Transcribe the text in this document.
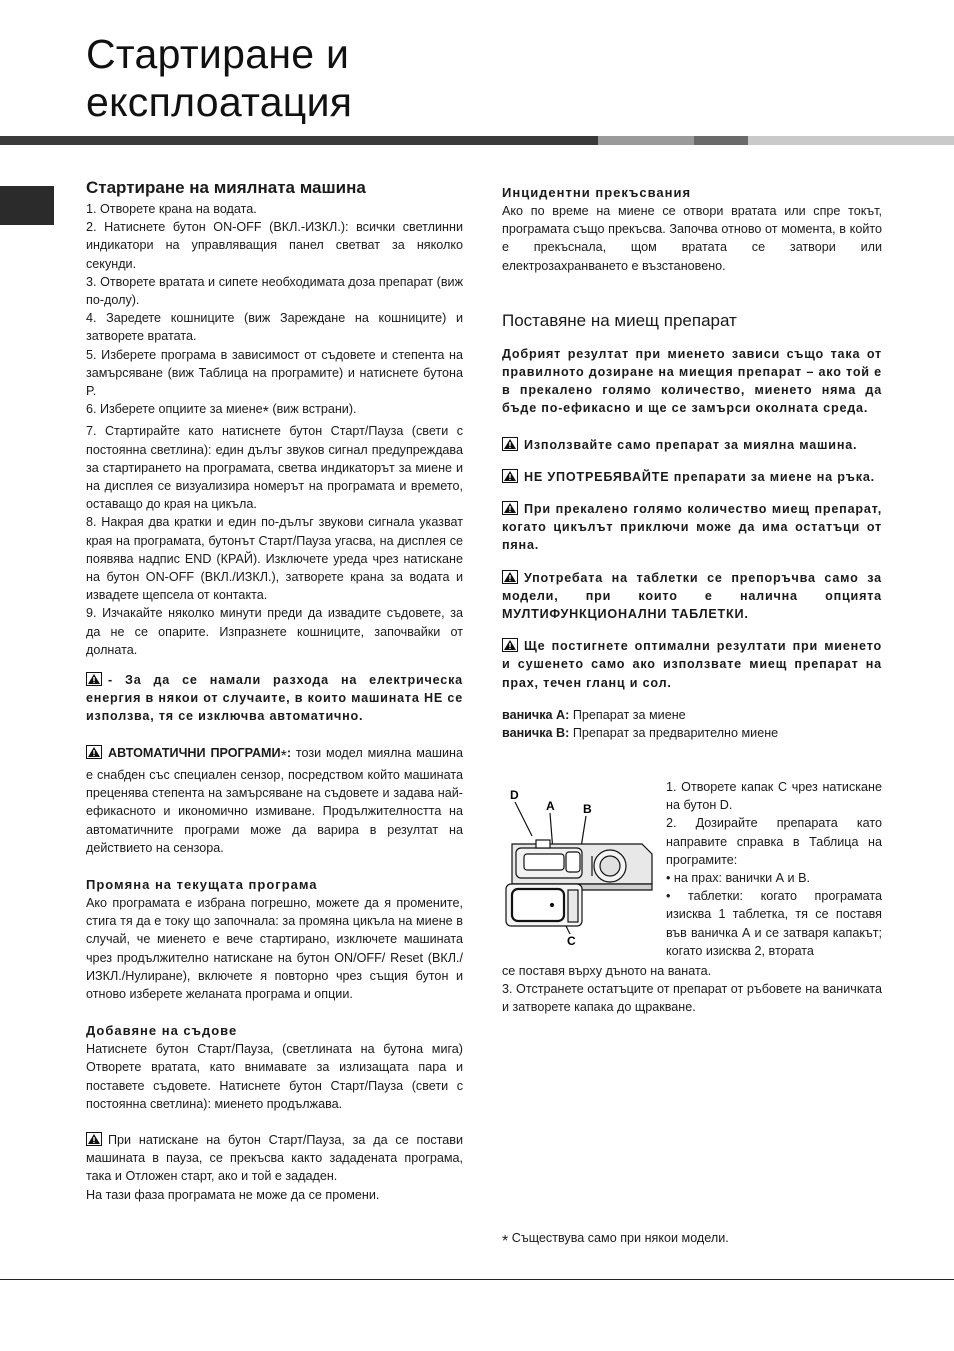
Стартиране и
експлоатация
Стартиране на миялната машина

1. Отворете крана на водата.

2. Натиснете бутон ON-OFF (ВКЛ.-ИЗКЛ.): всички светлинни индикатори на управляващия панел светват за няколко секунди.

3. Отворете вратата и сипете необходимата доза препарат (виж по-долу).

4. Заредете кошниците (виж Зареждане на кошниците) и затворете вратата.

5. Изберете програма в зависимост от съдовете и степента на замърсяване (виж Таблица на програмите) и натиснете бутона P.

6. Изберете опциите за миене* (виж встрани).

7. Стартирайте като натиснете бутон Старт/Пауза (свети с постоянна светлина): един дълъг звуков сигнал предупреждава за стартирането на програмата, светва индикаторът за миене и на дисплея се визуализира номерът на програмата и времето, оставащо до края на цикъла.

8. Накрая два кратки и един по-дълъг звукови сигнала указват края на програмата, бутонът Старт/Пауза угасва, на дисплея се появява надпис END (КРАЙ). Изключете уреда чрез натискане на бутон ON-OFF (ВКЛ./ИЗКЛ.), затворете крана за водата и извадете щепсела от контакта.

9. Изчакайте няколко минути преди да извадите съдовете, за да не се опарите. Изпразнете кошниците, започвайки от долната.

- За да се намали разхода на електрическа енергия в някои от случаите, в които машината НЕ се използва, тя се изключва автоматично.

АВТОМАТИЧНИ ПРОГРАМИ*: този модел миялна машина е снабден със специален сензор, посредством който машината преценява степента на замърсяване на съдовете и задава най-ефикасното и икономично измиване. Продължителността на автоматичните програми може да варира в резултат на действието на сензора.

Промяна на текущата програма

Ако програмата е избрана погрешно, можете да я промените, стига тя да е току що започнала: за промяна цикъла на миене в случай, че миенето е вече стартирано, изключете машината чрез продължително натискане на бутон ON/OFF/ Reset (ВКЛ./ИЗКЛ./Нулиране), включете я повторно чрез същия бутон и отново изберете желаната програма и опции.

Добавяне на съдове

Натиснете бутон Старт/Пауза, (светлината на бутона мига) Отворете вратата, като внимавате за излизащата пара и поставете съдовете. Натиснете бутон Старт/Пауза (свети с постоянна светлина): миенето продължава.

При натискане на бутон Старт/Пауза, за да се постави машината в пауза, се прекъсва както зададената програма, така и Отложен старт, ако и той е зададен.

На тази фаза програмата не може да се промени.

Инцидентни прекъсвания

Ако по време на миене се отвори вратата или спре токът, програмата също прекъсва. Започва отново от момента, в който е прекъснала, щом вратата се затвори или електрозахранването е възстановено.

Поставяне на миещ препарат

Добрият резултат при миенето зависи също така от правилното дозиране на миещия препарат – ако той е в прекалено голямо количество, миенето няма да бъде по-ефикасно и ще се замърси околната среда.

Използвайте само препарат за миялна машина.

НЕ УПОТРЕБЯВАЙТЕ препарати за миене на ръка.

При прекалено голямо количество миещ препарат, когато цикълът приключи може да има остатъци от пяна.

Употребата на таблетки се препоръчва само за модели, при които е налична опцията МУЛТИФУНКЦИОНАЛНИ ТАБЛЕТКИ.

Ще постигнете оптимални резултати при миенето и сушенето само ако използвате миещ препарат на прах, течен гланц и сол.

ваничка А: Препарат за миене

ваничка В: Препарат за предварително миене

D
A B
C

1. Отворете капак С чрез натискане на бутон D.

2. Дозирайте препарата като направите справка в Таблица на програмите:

• на прах: ванички А и В.

• таблетки: когато програмата изисква 1 таблетка, тя се поставя във ваничка А и се затваря капакът; когато изисква 2, втората

се поставя върху дъното на ваната.

3. Отстранете остатъците от препарат от ръбовете на ваничката и затворете капака до щракване.

* Съществува само при някои модели.
